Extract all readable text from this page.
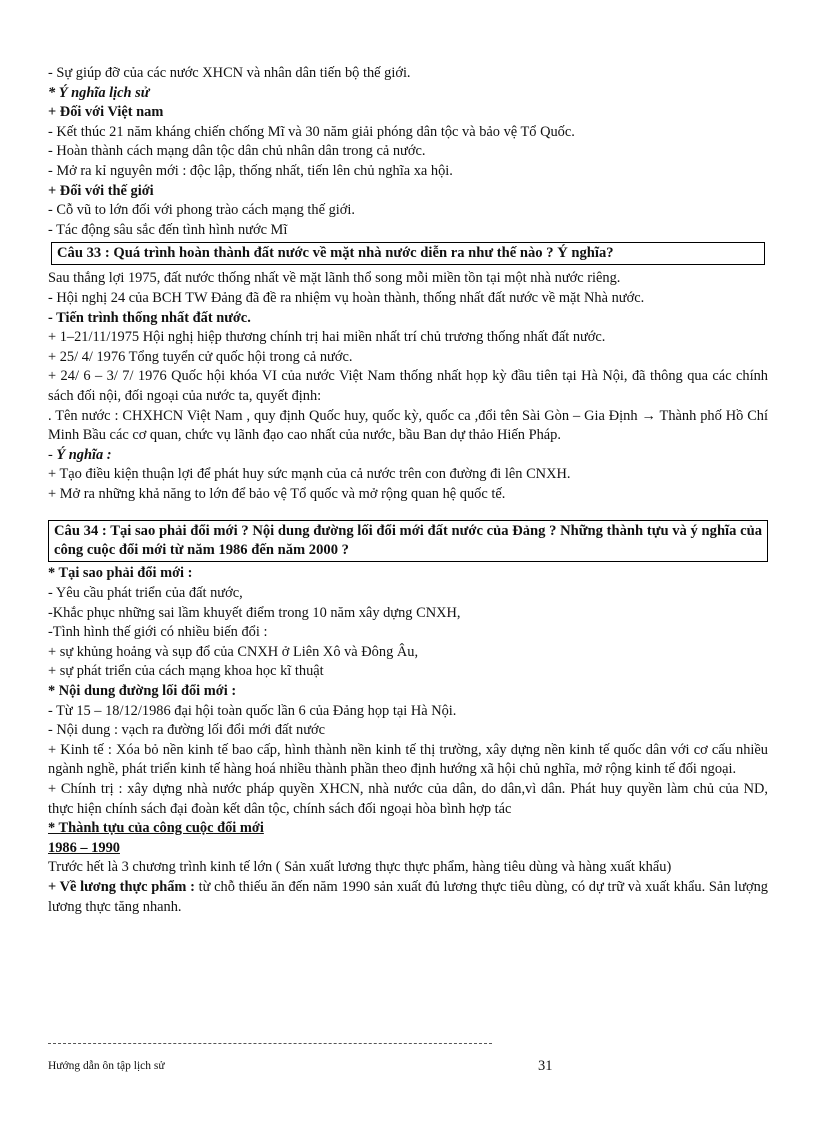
- Sự giúp đỡ của các nước XHCN và nhân dân tiến bộ thế giới.

* Ý nghĩa lịch sử

+ Đối với Việt nam

- Kết thúc 21 năm kháng chiến chống Mĩ và 30 năm giải phóng dân tộc và bảo vệ Tổ Quốc.

- Hoàn thành cách mạng dân tộc dân chủ nhân dân trong cả nước.

- Mở ra kỉ nguyên mới : độc lập, thống nhất, tiến lên chủ nghĩa xa hội.

+ Đối với thế giới

- Cỗ vũ to lớn đối với phong trào cách mạng thế giới.

- Tác động sâu sắc đến tình hình nước Mĩ

Câu 33 : Quá trình hoàn thành đất nước về mặt nhà nước diễn ra như thế nào ? Ý nghĩa?

Sau thắng lợi 1975, đất nước thống nhất về mặt lãnh thổ song mỗi miền tồn tại một nhà nước riêng.

- Hội nghị 24 của BCH TW Đảng đã đề ra nhiệm vụ hoàn thành, thống nhất đất nước về mặt Nhà nước.

- Tiến trình thống nhất đất nước.

+ 1–21/11/1975 Hội nghị hiệp thương chính trị hai miền nhất trí chủ trương thống nhất đất nước.

+ 25/ 4/ 1976 Tổng tuyển cử quốc hội trong cả nước.

+ 24/ 6 – 3/ 7/ 1976 Quốc hội khóa VI của nước Việt Nam thống nhất họp kỳ đầu tiên tại Hà Nội, đã thông qua các chính sách đối nội, đối ngoại của nước ta, quyết định:

. Tên nước : CHXHCN Việt Nam , quy định Quốc huy, quốc kỳ, quốc ca ,đổi tên Sài Gòn – Gia Định → Thành phố Hồ Chí Minh Bầu các cơ quan, chức vụ lãnh đạo cao nhất của nước, bầu Ban dự thảo Hiến Pháp.

- Ý nghĩa :

+ Tạo điều kiện thuận lợi để phát huy sức mạnh của cả nước trên con đường đi lên CNXH.

+ Mở ra những khả năng to lớn để bảo vệ Tổ quốc và mở rộng quan hệ quốc tế.

Câu 34 : Tại sao phải đổi mới ? Nội dung đường lối đổi mới đất nước của Đảng ? Những thành tựu và ý nghĩa của công cuộc đổi mới từ năm 1986 đến năm 2000 ?

* Tại sao phải đổi mới :

- Yêu cầu phát triển của đất nước,

-Khắc phục những sai lầm khuyết điểm trong 10 năm xây dựng CNXH,

-Tình hình thế giới có nhiều biến đổi :

+ sự khủng hoảng và sụp đổ của CNXH ở Liên Xô và Đông Âu,

+ sự phát triển của cách mạng khoa học kĩ thuật

* Nội dung đường lối đổi mới :

- Từ 15 – 18/12/1986 đại hội toàn quốc lần 6 của Đảng họp tại Hà Nội.

- Nội dung : vạch ra đường lối đổi mới đất nước

+ Kinh tế : Xóa bỏ nền kinh tế bao cấp, hình thành nền kinh tế thị trường, xây dựng nền kinh tế quốc dân với cơ cấu nhiều ngành nghề, phát triển kinh tế hàng hoá nhiều thành phần theo định hướng xã hội chủ nghĩa, mở rộng kinh tế đối ngoại.

+ Chính trị : xây dựng nhà nước pháp quyền XHCN, nhà nước của dân, do dân,vì dân. Phát huy quyền làm chủ của ND, thực hiện chính sách đại đoàn kết dân tộc, chính sách đối ngoại hòa bình hợp tác

* Thành tựu của công cuộc đổi mới

1986 – 1990

Trước hết là 3 chương trình kinh tế lớn ( Sản xuất lương thực thực phẩm, hàng tiêu dùng và hàng xuất khẩu)

+ Về lương thực phẩm : từ chỗ thiếu ăn đến năm 1990 sản xuất đủ lương thực tiêu dùng, có dự trữ và xuất khẩu. Sản lượng lương thực tăng nhanh.

Hướng dẫn ôn tập lịch sử	31
